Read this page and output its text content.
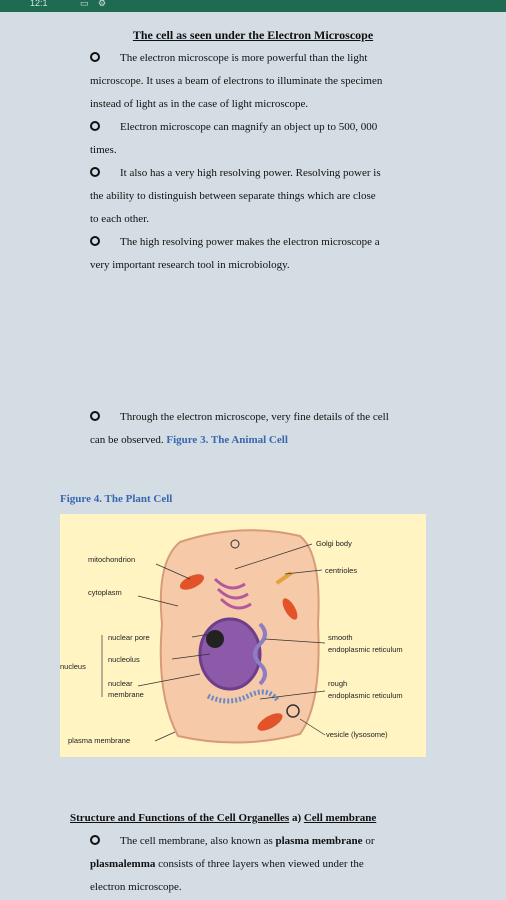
12:1	▭ ⚙
The cell as seen under the Electron Microscope
The electron microscope is more powerful than the light
microscope. It uses a beam of electrons to illuminate the specimen
instead of light as in the case of light microscope.
Electron microscope can magnify an object up to 500, 000
times.
It also has a very high resolving power. Resolving power is
the ability to distinguish between separate things which are close
to each other.
The high resolving power makes the electron microscope a
very important research tool in microbiology.
Through the electron microscope, very fine details of the cell
can be observed. Figure 3. The Animal Cell
Figure 4. The Plant Cell
Golgi body
mitochondrion
centrioles
cytoplasm
nuclear pore
nucleolus
nucleus
nuclear
membrane
smooth
endoplasmic reticulum
rough
endoplasmic reticulum
vesicle (lysosome)
plasma membrane
Structure and Functions of the Cell Organelles a) Cell membrane
The cell membrane, also known as plasma membrane or
plasmalemma consists of three layers when viewed under the
electron microscope.
